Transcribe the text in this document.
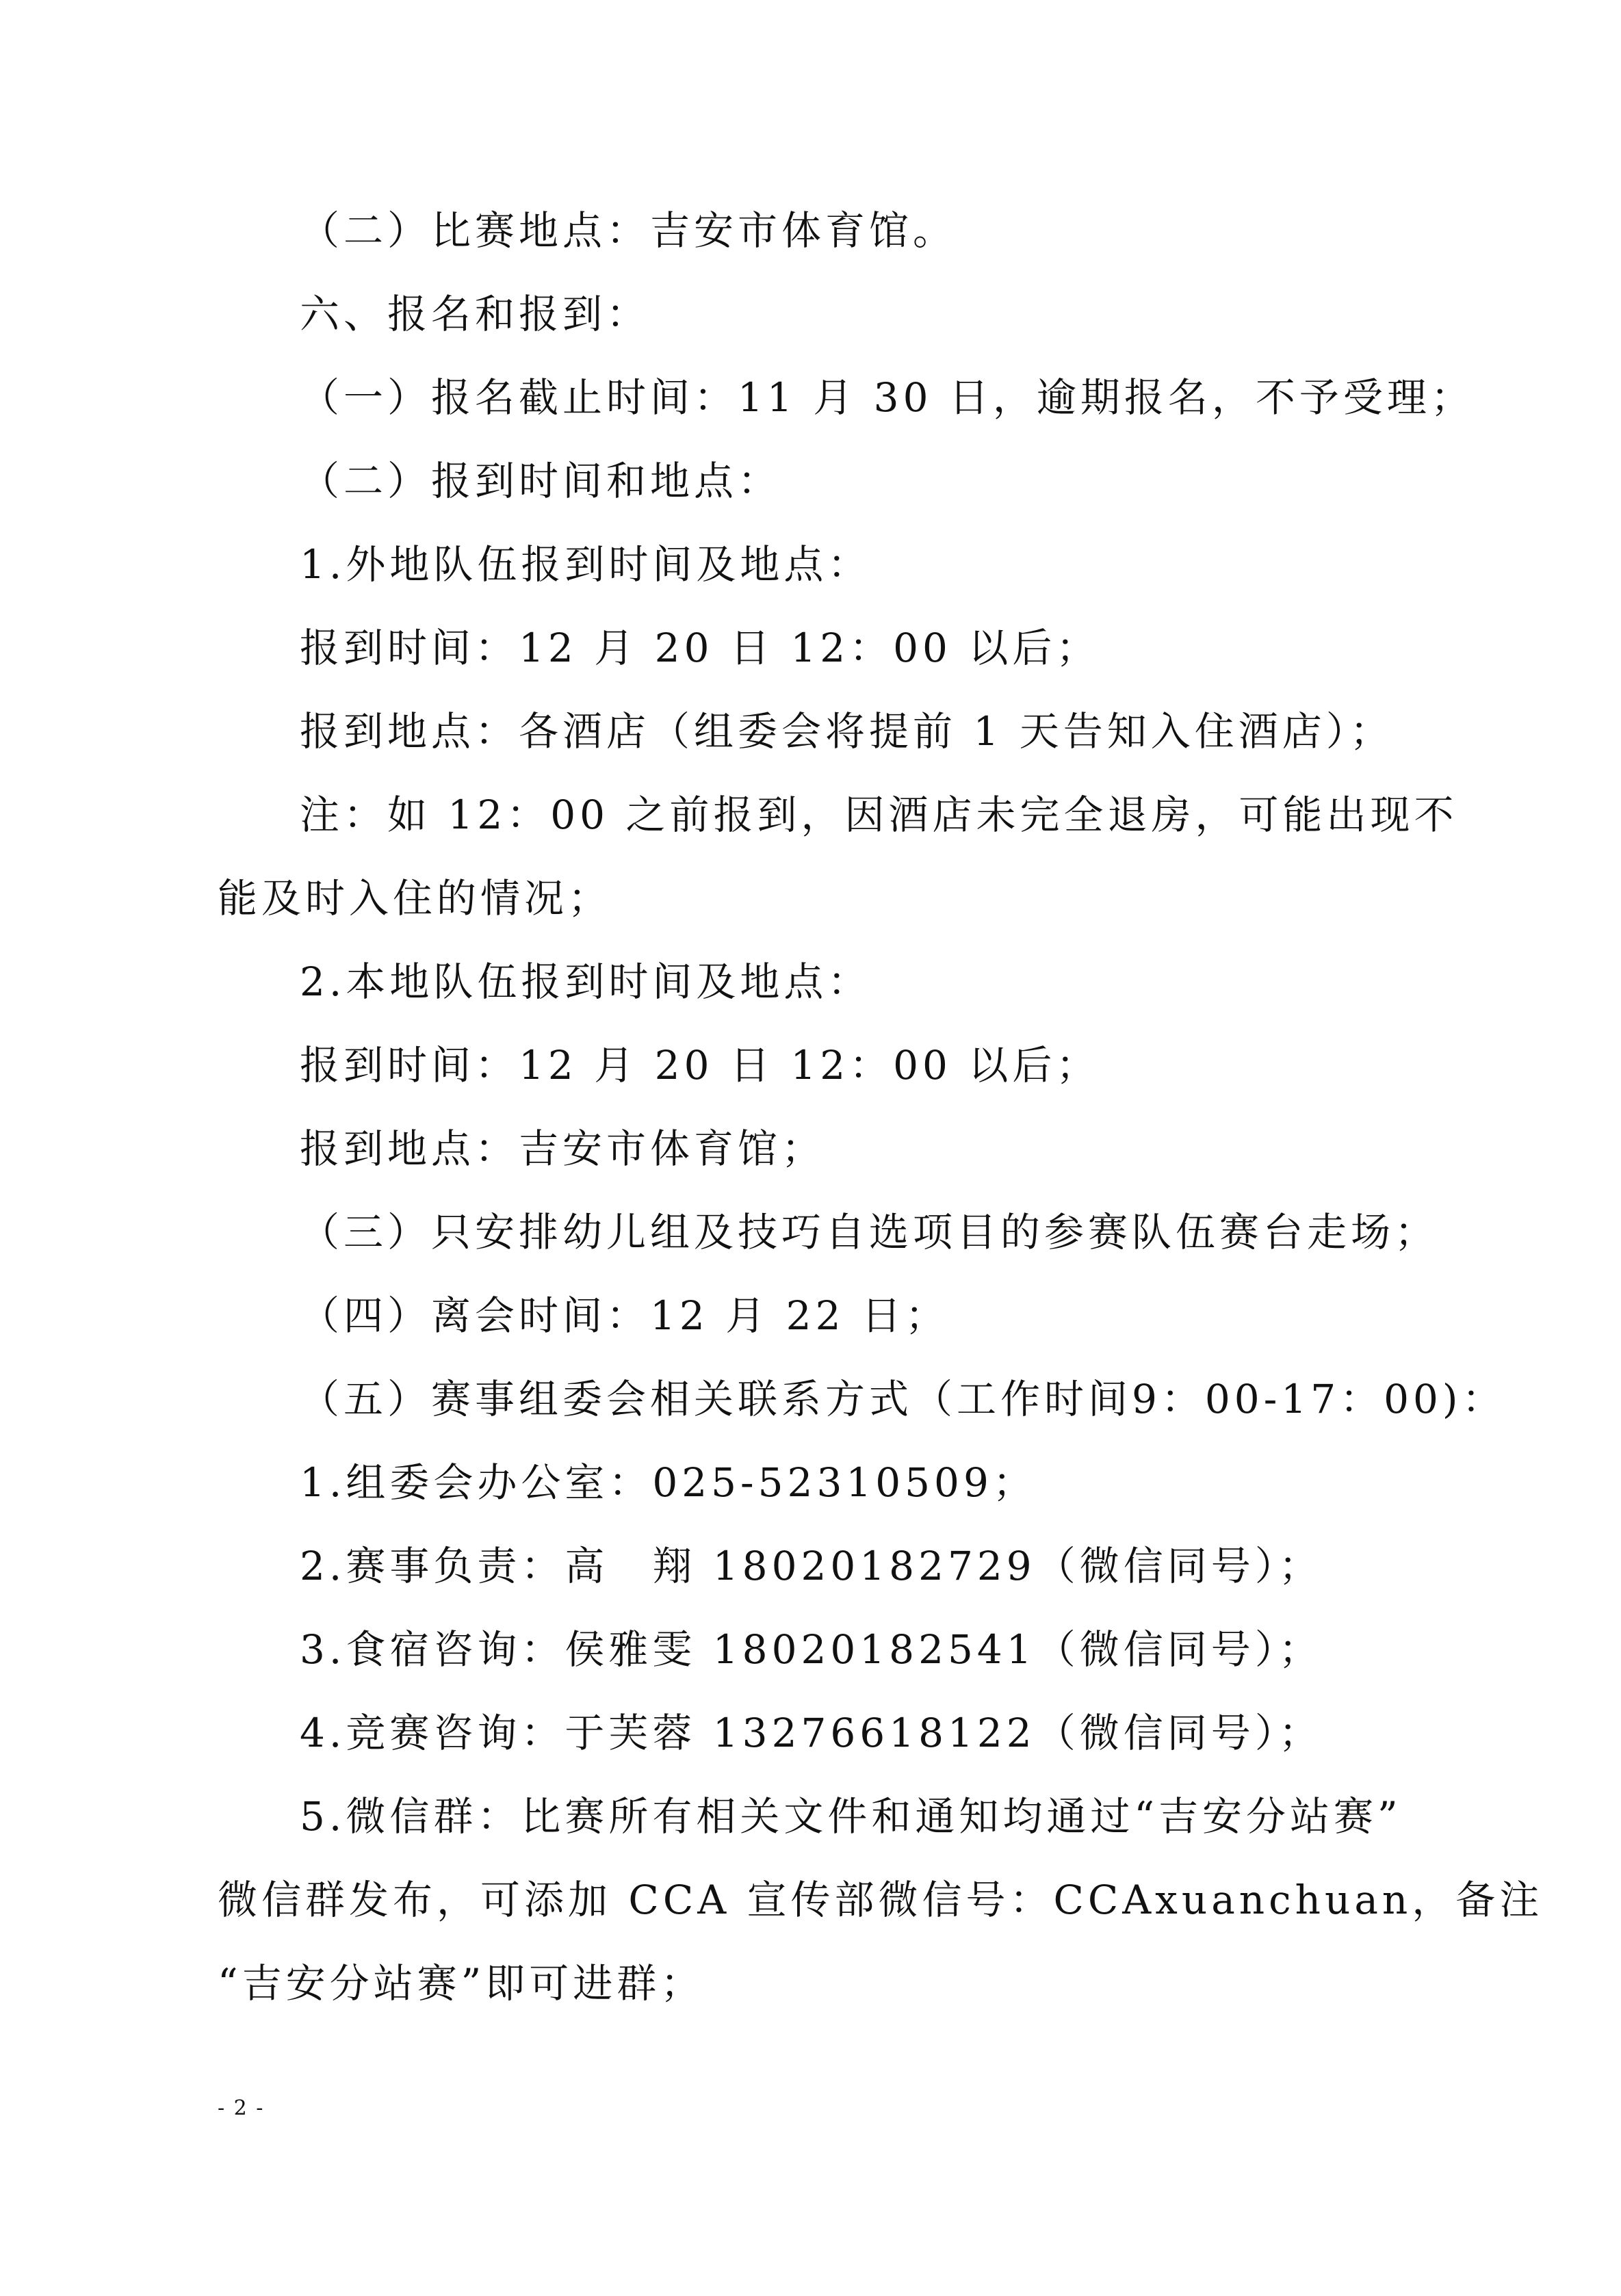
（二）比赛地点：吉安市体育馆。
六、报名和报到：
（一）报名截止时间：11 月 30 日，逾期报名，不予受理；
（二）报到时间和地点：
1.外地队伍报到时间及地点：
报到时间：12 月 20 日 12：00 以后；
报到地点：各酒店（组委会将提前 1 天告知入住酒店）；
注：如 12：00 之前报到，因酒店未完全退房，可能出现不
能及时入住的情况；
2.本地队伍报到时间及地点：
报到时间：12 月 20 日 12：00 以后；
报到地点：吉安市体育馆；
（三）只安排幼儿组及技巧自选项目的参赛队伍赛台走场；
（四）离会时间：12 月 22 日；
（五）赛事组委会相关联系方式（工作时间9：00-17：00)：
1.组委会办公室：025-52310509；
2.赛事负责：高　翔 18020182729（微信同号）；
3.食宿咨询：侯雅雯 18020182541（微信同号）；
4.竞赛咨询：于芙蓉 13276618122（微信同号）；
5.微信群：比赛所有相关文件和通知均通过“吉安分站赛”
微信群发布，可添加 CCA 宣传部微信号：CCAxuanchuan，备注
“吉安分站赛”即可进群；
- 2 -
